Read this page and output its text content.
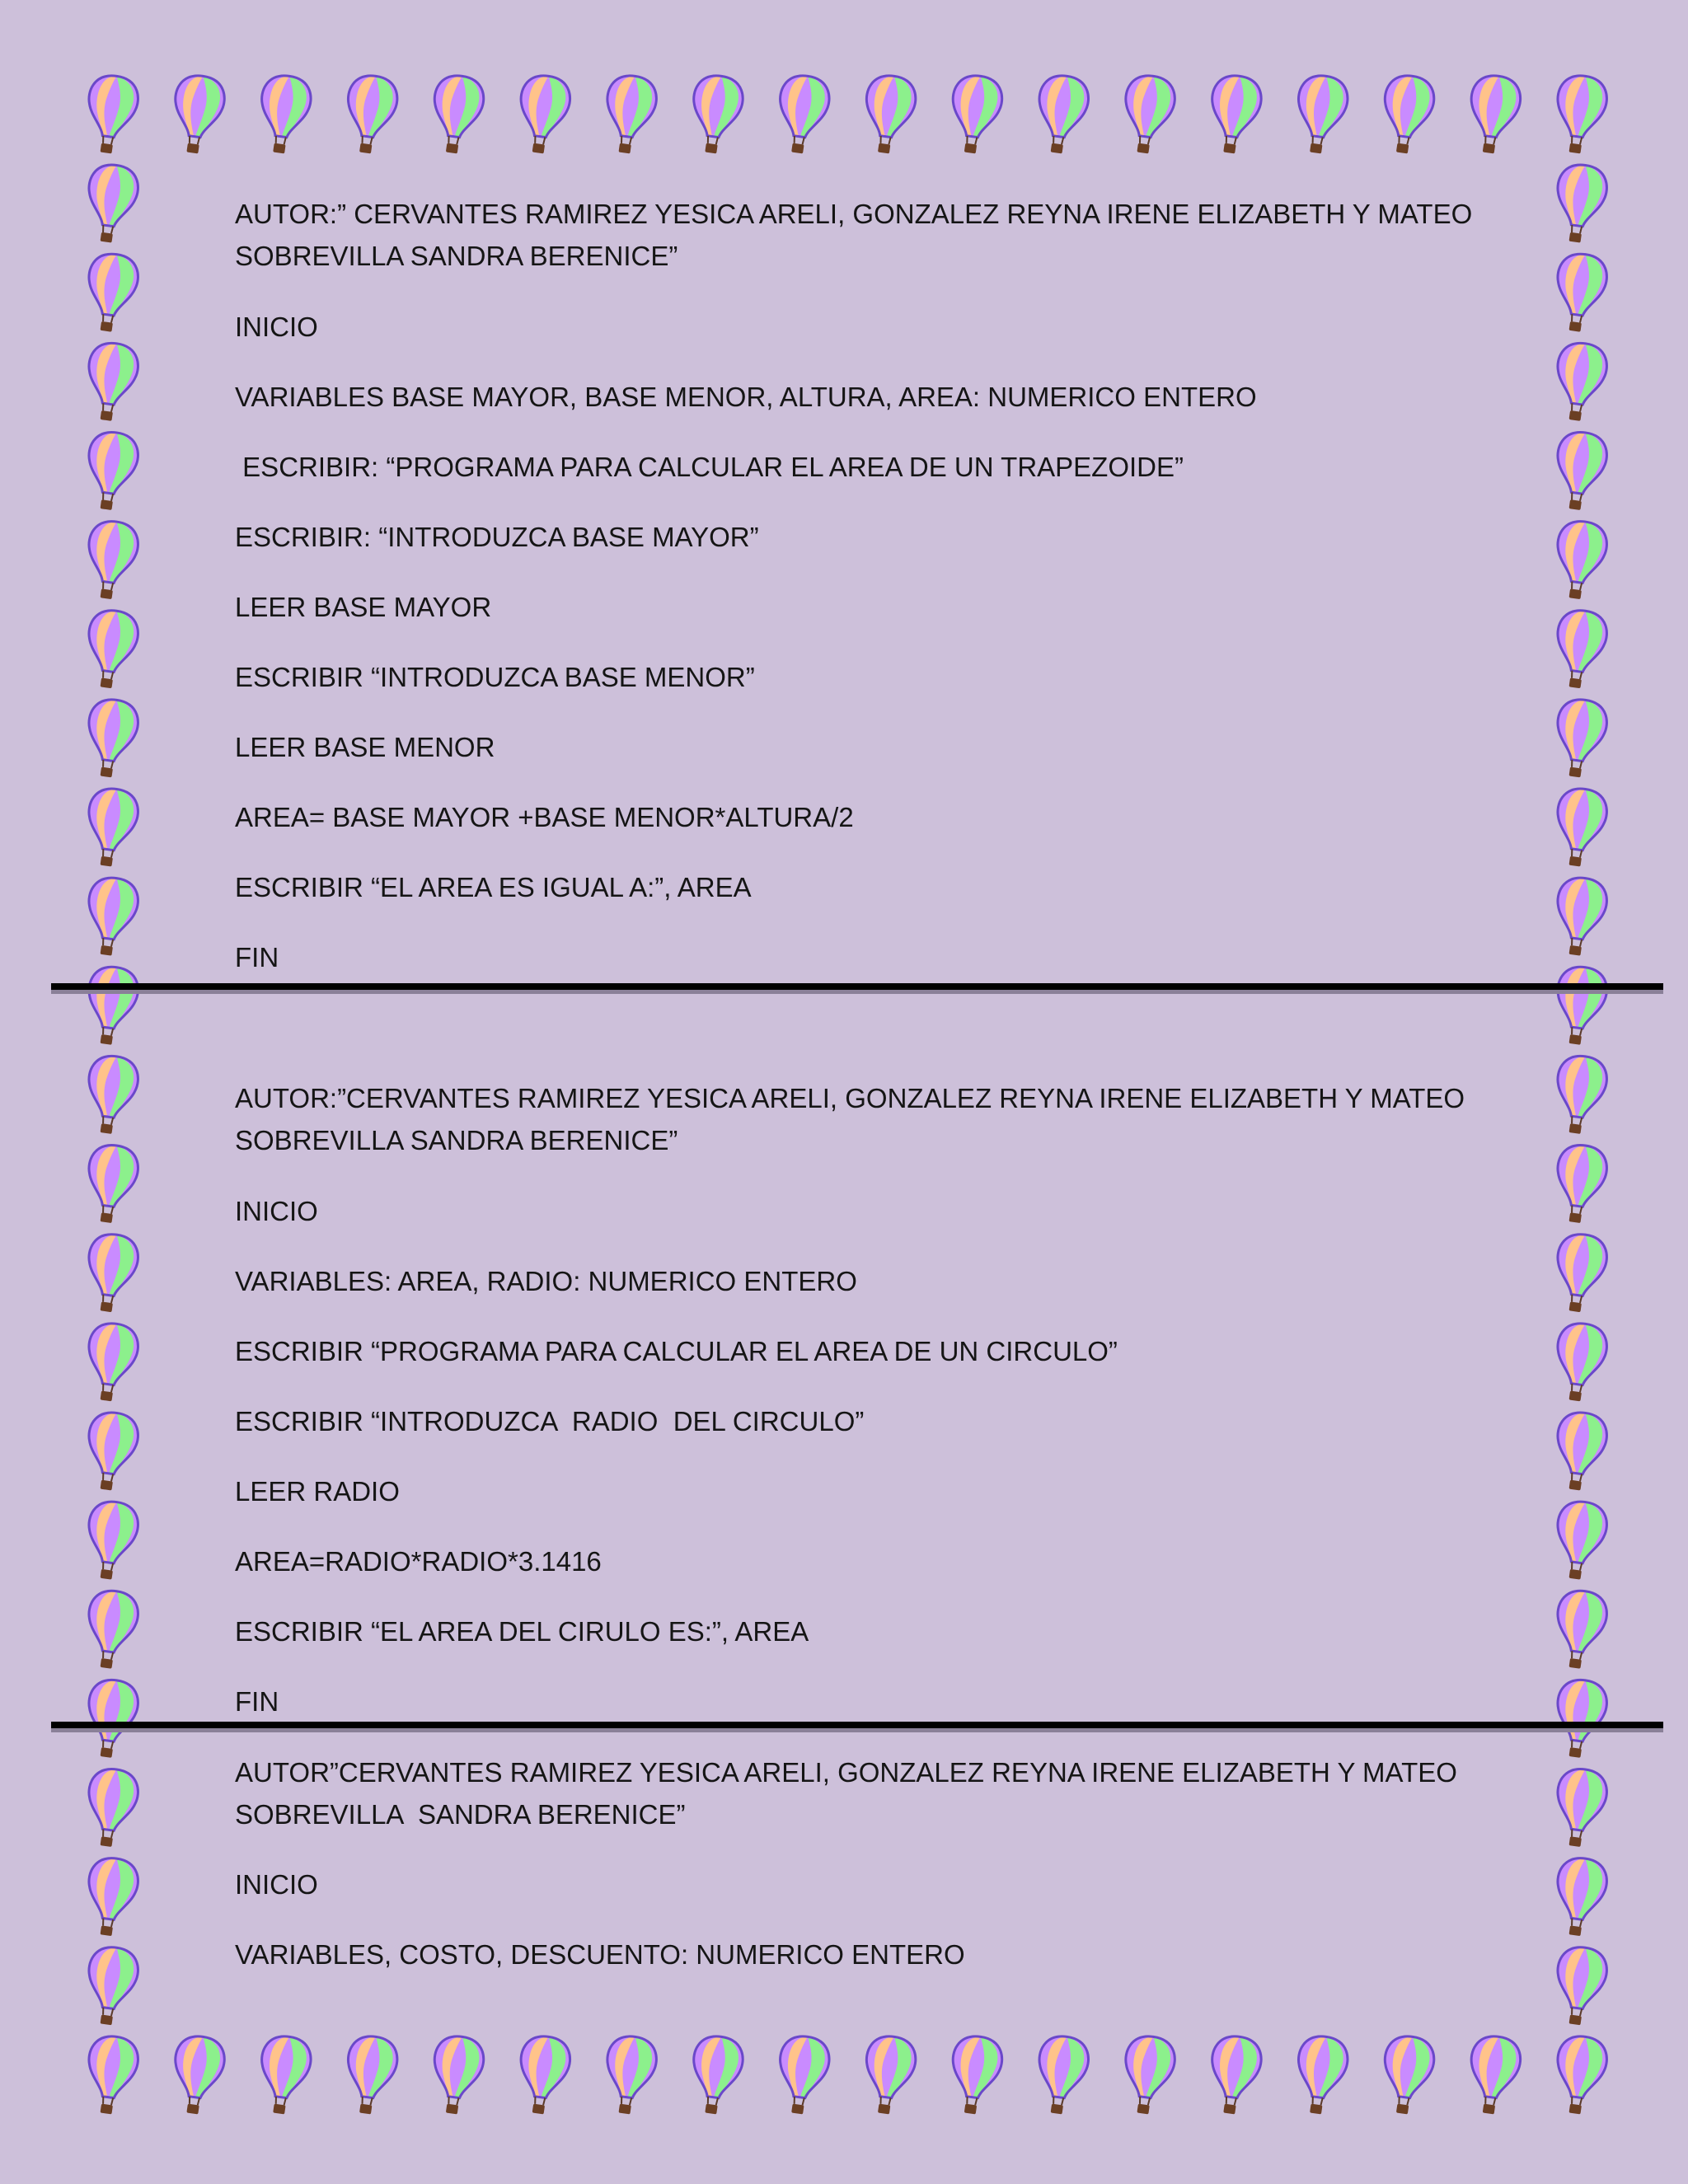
AUTOR:” CERVANTES RAMIREZ YESICA ARELI, GONZALEZ REYNA IRENE ELIZABETH Y MATEO
SOBREVILLA SANDRA BERENICE”
INICIO
VARIABLES BASE MAYOR, BASE MENOR, ALTURA, AREA: NUMERICO ENTERO
ESCRIBIR: “PROGRAMA PARA CALCULAR EL AREA DE UN TRAPEZOIDE”
ESCRIBIR: “INTRODUZCA BASE MAYOR”
LEER BASE MAYOR
ESCRIBIR “INTRODUZCA BASE MENOR”
LEER BASE MENOR
AREA= BASE MAYOR +BASE MENOR*ALTURA/2
ESCRIBIR “EL AREA ES IGUAL A:”, AREA
FIN
AUTOR:”CERVANTES RAMIREZ YESICA ARELI, GONZALEZ REYNA IRENE ELIZABETH Y MATEO
SOBREVILLA SANDRA BERENICE”
INICIO
VARIABLES: AREA, RADIO: NUMERICO ENTERO
ESCRIBIR “PROGRAMA PARA CALCULAR EL AREA DE UN CIRCULO”
ESCRIBIR “INTRODUZCA  RADIO  DEL CIRCULO”
LEER RADIO
AREA=RADIO*RADIO*3.1416
ESCRIBIR “EL AREA DEL CIRULO ES:”, AREA
FIN
AUTOR”CERVANTES RAMIREZ YESICA ARELI, GONZALEZ REYNA IRENE ELIZABETH Y MATEO
SOBREVILLA  SANDRA BERENICE”
INICIO
VARIABLES, COSTO, DESCUENTO: NUMERICO ENTERO
